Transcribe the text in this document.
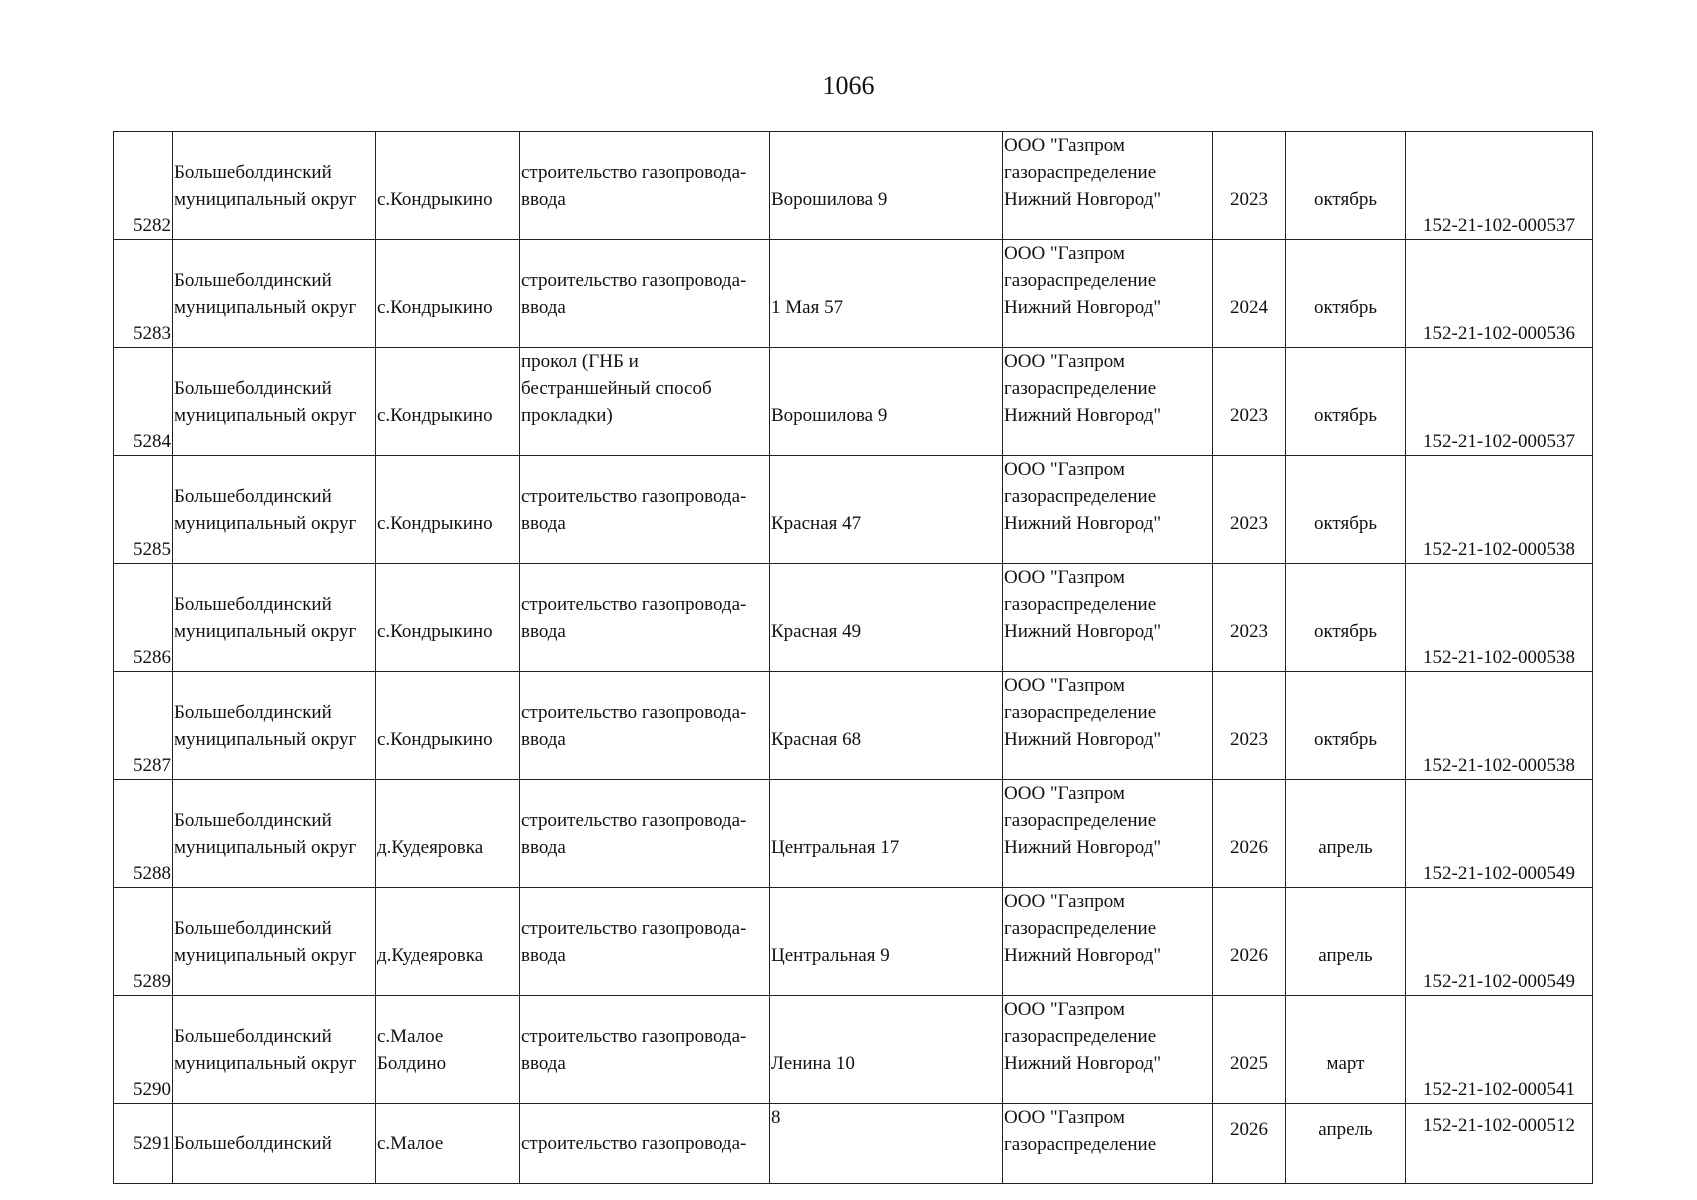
1066
5282	Большеболдинский
муниципальный округ	с.Кондрыкино	строительство газопровода-
ввода	Ворошилова 9	ООО "Газпром
газораспределение
Нижний Новгород"	2023	октябрь	152-21-102-000537

5283	Большеболдинский
муниципальный округ	с.Кондрыкино	строительство газопровода-
ввода	1 Мая 57	ООО "Газпром
газораспределение
Нижний Новгород"	2024	октябрь	152-21-102-000536

5284	Большеболдинский
муниципальный округ	с.Кондрыкино	прокол (ГНБ и
бестраншейный способ
прокладки)	Ворошилова 9	ООО "Газпром
газораспределение
Нижний Новгород"	2023	октябрь	152-21-102-000537

5285	Большеболдинский
муниципальный округ	с.Кондрыкино	строительство газопровода-
ввода	Красная 47	ООО "Газпром
газораспределение
Нижний Новгород"	2023	октябрь	152-21-102-000538

5286	Большеболдинский
муниципальный округ	с.Кондрыкино	строительство газопровода-
ввода	Красная 49	ООО "Газпром
газораспределение
Нижний Новгород"	2023	октябрь	152-21-102-000538

5287	Большеболдинский
муниципальный округ	с.Кондрыкино	строительство газопровода-
ввода	Красная 68	ООО "Газпром
газораспределение
Нижний Новгород"	2023	октябрь	152-21-102-000538

5288	Большеболдинский
муниципальный округ	д.Кудеяровка	строительство газопровода-
ввода	Центральная 17	ООО "Газпром
газораспределение
Нижний Новгород"	2026	апрель	152-21-102-000549

5289	Большеболдинский
муниципальный округ	д.Кудеяровка	строительство газопровода-
ввода	Центральная 9	ООО "Газпром
газораспределение
Нижний Новгород"	2026	апрель	152-21-102-000549

5290	Большеболдинский
муниципальный округ	с.Малое
Болдино	строительство газопровода-
ввода	Ленина 10	ООО "Газпром
газораспределение
Нижний Новгород"	2025	март	152-21-102-000541

5291	Большеболдинский	с.Малое	строительство газопровода-	8	ООО "Газпром
газораспределение	2026	апрель	152-21-102-000512
